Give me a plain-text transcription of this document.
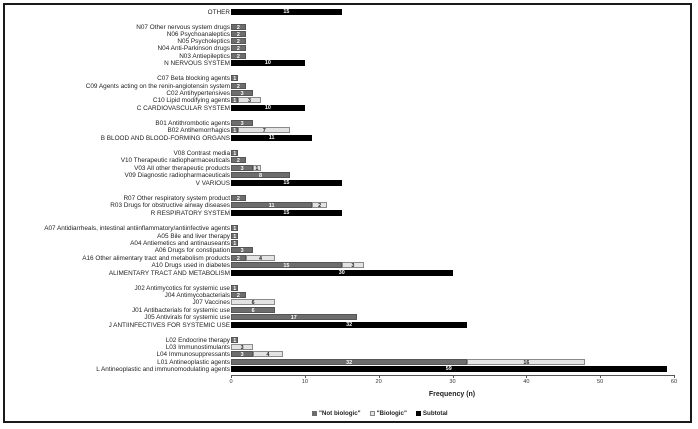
Frequency (n)
"Not biologic"	"Biologic"	Subtotal
0	10	20	30	40	50	60
OTHER	15
N07 Other nervous system drugs	2
N06 Psychoanaleptics	2
N05 Psycholeptics	2
N04 Anti-Parkinson drugs	2
N03 Antiepileptics	2
N NERVOUS SYSTEM	10
C07 Beta blocking agents 1
C09 Agents acting on the renin-angiotensin system	2
C02 Antihypertensives	3
C10 Lipid modifying agents 1	3
C CARDIOVASCULAR SYSTEM	10
B01 Antithrombotic agents	3
B02 Antihemorrhagics 1	7
B BLOOD AND BLOOD-FORMING ORGANS	11
V08 Contrast media 1
V10 Therapeutic radiopharmaceuticals	2
V03 All other therapeutic products	3	1
V09 Diagnostic radiopharmaceuticals	8
V VARIOUS	15
R07 Other respiratory system product	2
R03 Drugs for obstructive airway diseases	11	2
R RESPIRATORY SYSTEM	15
A07 Antidiarrheals, intestinal antiinflammatory/antiinfective agents 1
A05 Bile and liver therapy 1
A04 Antiemetics and antinauseants 1
A06 Drugs for constipation	3
A16 Other alimentary tract and metabolism products	2	4
A10 Drugs used in diabetes	15	3
ALIMENTARY TRACT AND METABOLISM	30
J02 Antimycotics for systemic use 1
J04 Antimycobacterials	2
J07 Vaccines	6
J01 Antibacterials for systemic use	6
J05 Antivirals for systemic use	17
J ANTIINFECTIVES FOR SYSTEMIC USE	32
L02 Endocrine therapy 1
L03 Immunostimulants	3
L04 Immunosuppressants	3	4
L01 Antineoplastic agents	32	16
L Antineoplastic and immunomodulating agents	59
